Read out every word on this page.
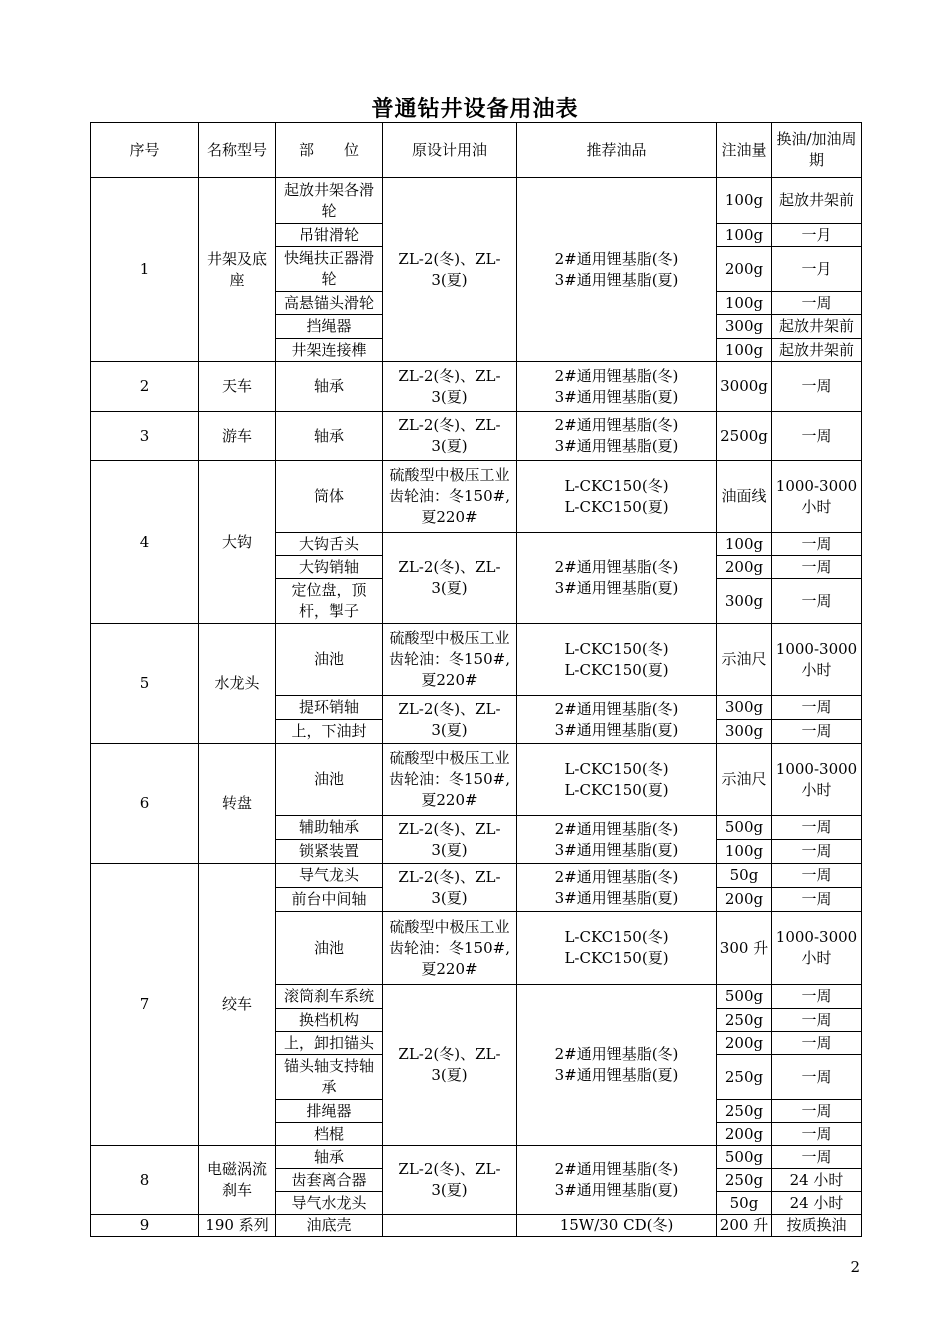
普通钻井设备用油表
序号	名称型号	部　　位	原设计用油	推荐油品	注油量	换油/加油周期
1	井架及底座	起放井架各滑轮	ZL-2(冬)、ZL-3(夏)	2#通用锂基脂(冬)
3#通用锂基脂(夏)	100g	起放井架前
		吊钳滑轮			100g	一月
		快绳扶正器滑轮			200g	一月
		高悬锚头滑轮			100g	一周
		挡绳器			300g	起放井架前
		井架连接榫			100g	起放井架前
2	天车	轴承	ZL-2(冬)、ZL-3(夏)	2#通用锂基脂(冬)
3#通用锂基脂(夏)	3000g	一周
3	游车	轴承	ZL-2(冬)、ZL-3(夏)	2#通用锂基脂(冬)
3#通用锂基脂(夏)	2500g	一周
4	大钩	筒体	硫酸型中极压工业齿轮油：冬150#,夏220#	L-CKC150(冬)
L-CKC150(夏)	油面线	1000-3000小时
		大钩舌头	ZL-2(冬)、ZL-3(夏)	2#通用锂基脂(冬)
3#通用锂基脂(夏)	100g	一周
		大钩销轴			200g	一周
		定位盘，顶杆，掣子			300g	一周
5	水龙头	油池	硫酸型中极压工业齿轮油：冬150#,夏220#	L-CKC150(冬)
L-CKC150(夏)	示油尺	1000-3000小时
		提环销轴	ZL-2(冬)、ZL-3(夏)	2#通用锂基脂(冬)
3#通用锂基脂(夏)	300g	一周
		上，下油封			300g	一周
6	转盘	油池	硫酸型中极压工业齿轮油：冬150#,夏220#	L-CKC150(冬)
L-CKC150(夏)	示油尺	1000-3000小时
		辅助轴承	ZL-2(冬)、ZL-3(夏)	2#通用锂基脂(冬)
3#通用锂基脂(夏)	500g	一周
		锁紧装置			100g	一周
7	绞车	导气龙头	ZL-2(冬)、ZL-3(夏)	2#通用锂基脂(冬)
3#通用锂基脂(夏)	50g	一周
		前台中间轴			200g	一周
		油池	硫酸型中极压工业齿轮油：冬150#,夏220#	L-CKC150(冬)
L-CKC150(夏)	300 升	1000-3000小时
		滚筒刹车系统	ZL-2(冬)、ZL-3(夏)	2#通用锂基脂(冬)
3#通用锂基脂(夏)	500g	一周
		换档机构			250g	一周
		上，卸扣锚头			200g	一周
		锚头轴支持轴承			250g	一周
		排绳器			250g	一周
		档棍			200g	一周
8	电磁涡流刹车	轴承	ZL-2(冬)、ZL-3(夏)	2#通用锂基脂(冬)
3#通用锂基脂(夏)	500g	一周
		齿套离合器			250g	24 小时
		导气水龙头			50g	24 小时
9	190 系列	油底壳		15W/30 CD(冬)	200 升	按质换油
2
